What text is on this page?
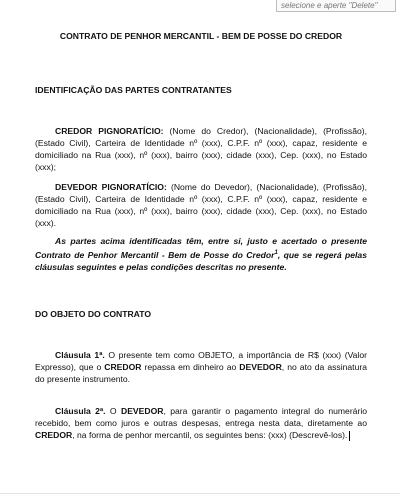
selecione e aperte "Delete"
CONTRATO DE PENHOR MERCANTIL - BEM DE POSSE DO CREDOR
IDENTIFICAÇÃO DAS PARTES CONTRATANTES

CREDOR PIGNORATÍCIO: (Nome do Credor), (Nacionalidade), (Profissão), (Estado Civil), Carteira de Identidade nº (xxx), C.P.F. nº (xxx), capaz, residente e domiciliado na Rua (xxx), nº (xxx), bairro (xxx), cidade (xxx), Cep. (xxx), no Estado (xxx);

DEVEDOR PIGNORATÍCIO: (Nome do Devedor), (Nacionalidade), (Profissão), (Estado Civil), Carteira de Identidade nº (xxx), C.P.F. nº (xxx), capaz, residente e domiciliado na Rua (xxx), nº (xxx), bairro (xxx), cidade (xxx), Cep. (xxx), no Estado (xxx).

As partes acima identificadas têm, entre si, justo e acertado o presente Contrato de Penhor Mercantil - Bem de Posse do Credor$^1$, que se regerá pelas cláusulas seguintes e pelas condições descritas no presente.

DO OBJETO DO CONTRATO

Cláusula 1ª. O presente tem como OBJETO, a importância de R$ (xxx) (Valor Expresso), que o CREDOR repassa em dinheiro ao DEVEDOR, no ato da assinatura do presente instrumento.

Cláusula 2ª. O DEVEDOR, para garantir o pagamento integral do numerário recebido, bem como juros e outras despesas, entrega nesta data, diretamente ao CREDOR, na forma de penhor mercantil, os seguintes bens: (xxx) (Descrevê-los).
